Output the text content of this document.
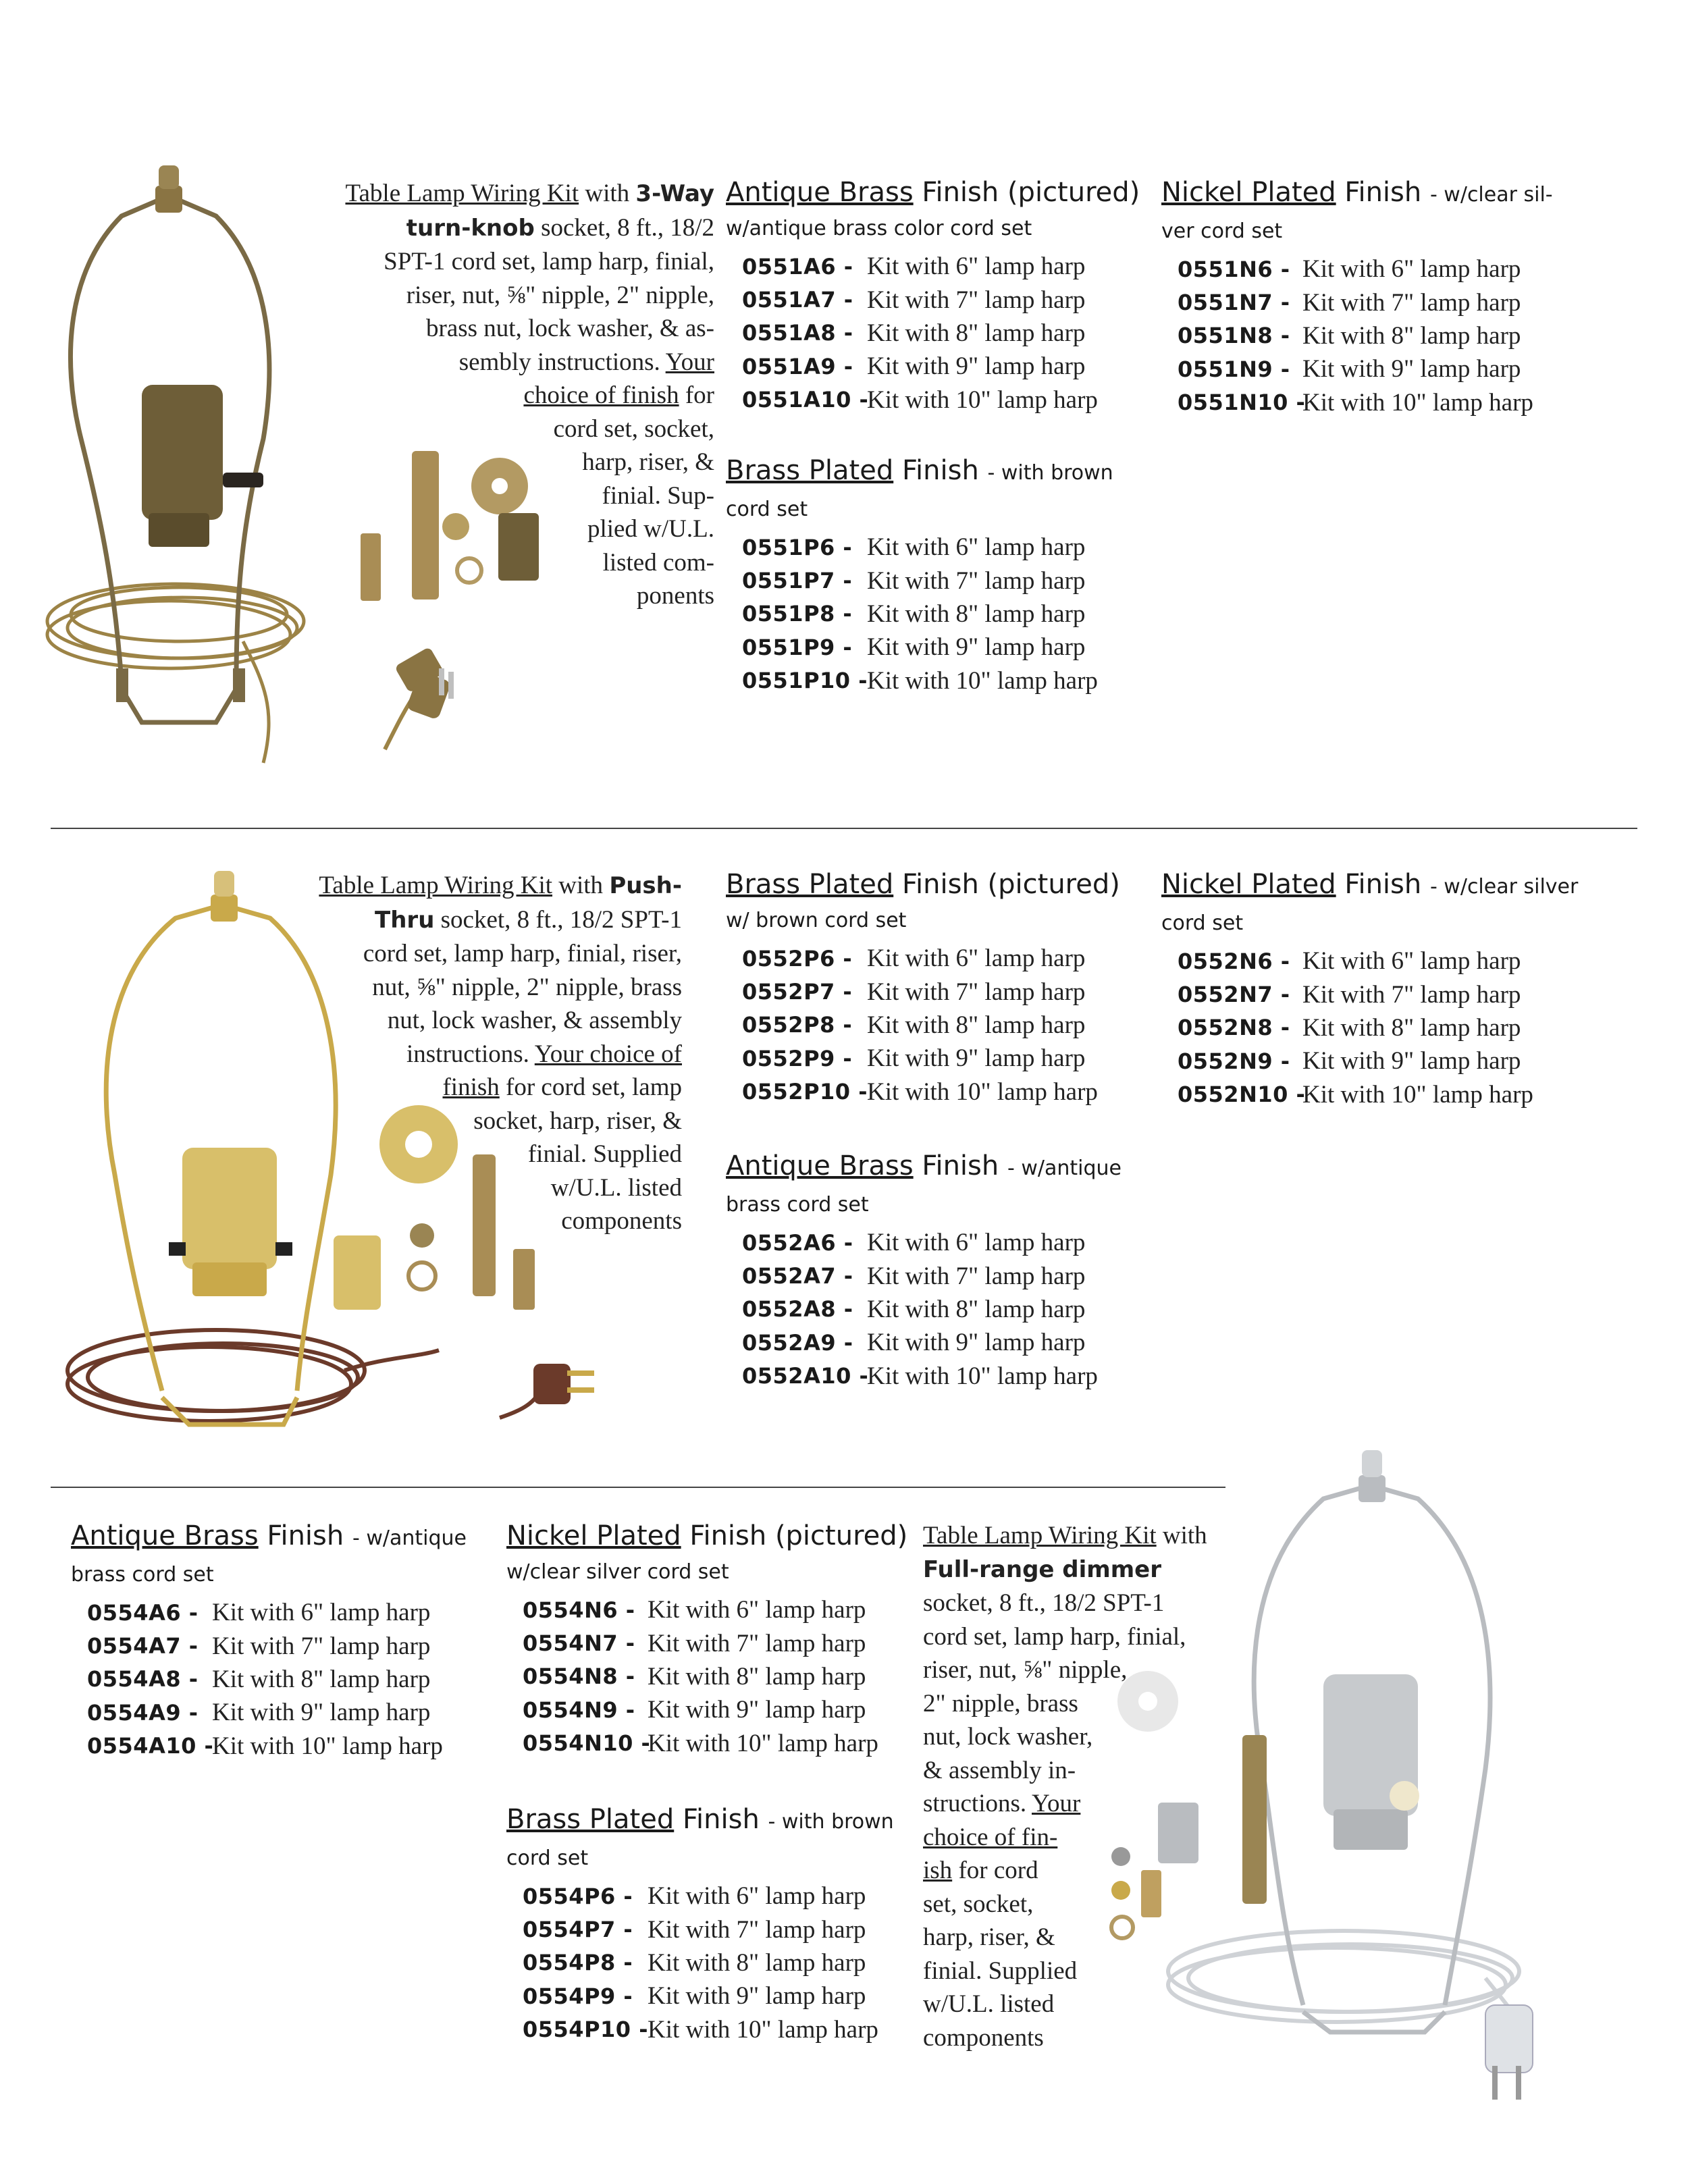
Table Lamp Wiring Kit with 3-Way
turn-knob socket, 8 ft., 18/2
SPT-1 cord set, lamp harp, finial,
riser, nut, ⅝" nipple, 2" nipple,
brass nut, lock washer, & as-
sembly instructions. Your
choice of finish for
cord set, socket,
harp, riser, &
finial. Sup-
plied w/U.L.
listed com-
ponents
Antique Brass Finish (pictured)
w/antique brass color cord set
0551A6 - Kit with 6" lamp harp
0551A7 - Kit with 7" lamp harp
0551A8 - Kit with 8" lamp harp
0551A9 - Kit with 9" lamp harp
0551A10 -
Kit with 10" lamp harp
Brass Plated Finish - with brown
cord set
0551P6 - Kit with 6" lamp harp
0551P7 - Kit with 7" lamp harp
0551P8 - Kit with 8" lamp harp
0551P9 - Kit with 9" lamp harp
0551P10 - Kit with 10" lamp harp
Nickel Plated Finish - w/clear sil-
ver cord set
0551N6 - Kit with 6" lamp harp
0551N7 - Kit with 7" lamp harp
0551N8 - Kit with 8" lamp harp
0551N9 - Kit with 9" lamp harp
0551N10 -
Kit with 10" lamp harp
Table Lamp Wiring Kit with Push-
Thru socket, 8 ft., 18/2 SPT-1
cord set, lamp harp, finial, riser,
nut, ⅝" nipple, 2" nipple, brass
nut, lock washer, & assembly
instructions. Your choice of
finish for cord set, lamp
socket, harp, riser, &
finial. Supplied
w/U.L. listed
components
Brass Plated Finish (pictured)
w/ brown cord set
0552P6 - Kit with 6" lamp harp
0552P7 - Kit with 7" lamp harp
0552P8 - Kit with 8" lamp harp
0552P9 - Kit with 9" lamp harp
0552P10 - Kit with 10" lamp harp
Antique Brass Finish - w/antique
brass cord set
0552A6 - Kit with 6" lamp harp
0552A7 - Kit with 7" lamp harp
0552A8 - Kit with 8" lamp harp
0552A9 - Kit with 9" lamp harp
0552A10 -
Kit with 10" lamp harp
Nickel Plated Finish - w/clear silver
cord set
0552N6 - Kit with 6" lamp harp
0552N7 - Kit with 7" lamp harp
0552N8 - Kit with 8" lamp harp
0552N9 - Kit with 9" lamp harp
0552N10 -
Kit with 10" lamp harp
Antique Brass Finish - w/antique
brass cord set
0554A6 - Kit with 6" lamp harp
0554A7 - Kit with 7" lamp harp
0554A8 - Kit with 8" lamp harp
0554A9 - Kit with 9" lamp harp
0554A10 -
Kit with 10" lamp harp
Nickel Plated Finish (pictured)
w/clear silver cord set
0554N6 - Kit with 6" lamp harp
0554N7 - Kit with 7" lamp harp
0554N8 - Kit with 8" lamp harp
0554N9 - Kit with 9" lamp harp
0554N10 -
Kit with 10" lamp harp
Brass Plated Finish - with brown
cord set
0554P6 - Kit with 6" lamp harp
0554P7 - Kit with 7" lamp harp
0554P8 - Kit with 8" lamp harp
0554P9 - Kit with 9" lamp harp
0554P10 - Kit with 10" lamp harp
Table Lamp Wiring Kit with
Full-range dimmer
socket, 8 ft., 18/2 SPT-1
cord set, lamp harp, finial,
riser, nut, ⅝" nipple,
2" nipple, brass
nut, lock washer,
& assembly in-
structions. Your
choice of fin-
ish for cord
set, socket,
harp, riser, &
finial. Supplied
w/U.L. listed
components
